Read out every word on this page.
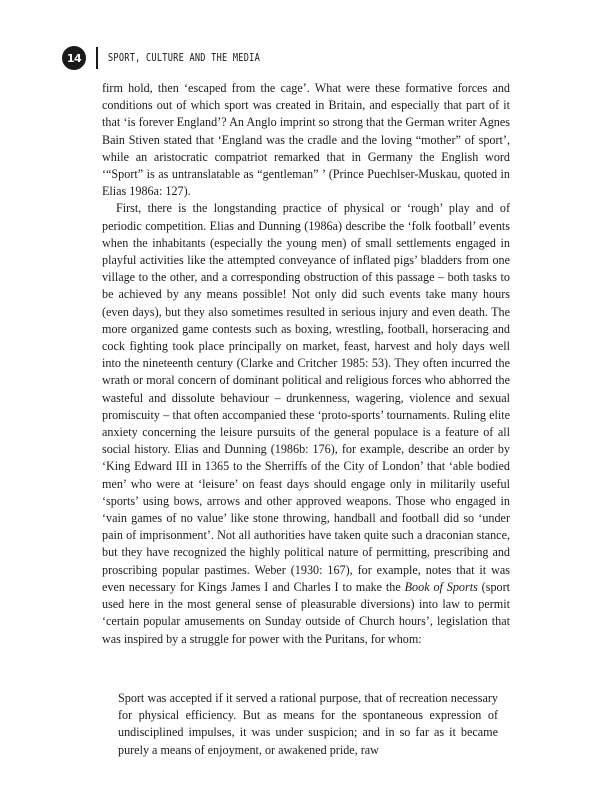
14	SPORT, CULTURE AND THE MEDIA

firm hold, then ‘escaped from the cage’. What were these formative forces and conditions out of which sport was created in Britain, and especially that part of it that ‘is forever England’? An Anglo imprint so strong that the German writer Agnes Bain Stiven stated that ‘England was the cradle and the loving “mother” of sport’, while an aristocratic compatriot remarked that in Germany the English word ‘“Sport” is as untranslatable as “gentleman” ’ (Prince Puechlser-Muskau, quoted in Elias 1986a: 127).

First, there is the longstanding practice of physical or ‘rough’ play and of periodic competition. Elias and Dunning (1986a) describe the ‘folk football’ events when the inhabitants (especially the young men) of small settlements engaged in playful activities like the attempted conveyance of inflated pigs’ bladders from one village to the other, and a corresponding obstruction of this passage – both tasks to be achieved by any means possible! Not only did such events take many hours (even days), but they also sometimes resulted in serious injury and even death. The more organized game contests such as boxing, wrestling, football, horseracing and cock fighting took place principally on market, feast, harvest and holy days well into the nineteenth century (Clarke and Critcher 1985: 53). They often incurred the wrath or moral concern of dominant political and religious forces who abhorred the wasteful and dissolute behaviour – drunkenness, wagering, violence and sexual promiscuity – that often accompanied these ‘proto-sports’ tournaments. Ruling elite anxiety concerning the leisure pursuits of the general populace is a feature of all social history. Elias and Dunning (1986b: 176), for example, describe an order by ‘King Edward III in 1365 to the Sherriffs of the City of London’ that ‘able bodied men’ who were at ‘leisure’ on feast days should engage only in militarily useful ‘sports’ using bows, arrows and other approved weapons. Those who engaged in ‘vain games of no value’ like stone throwing, handball and football did so ‘under pain of imprisonment’. Not all authorities have taken quite such a draconian stance, but they have recognized the highly political nature of permitting, prescribing and proscribing popular pastimes. Weber (1930: 167), for example, notes that it was even necessary for Kings James I and Charles I to make the Book of Sports (sport used here in the most general sense of pleasurable diversions) into law to permit ‘certain popular amusements on Sunday outside of Church hours’, legislation that was inspired by a struggle for power with the Puritans, for whom:

Sport was accepted if it served a rational purpose, that of recreation necessary for physical efficiency. But as means for the spontaneous expression of undisciplined impulses, it was under suspicion; and in so far as it became purely a means of enjoyment, or awakened pride, raw
